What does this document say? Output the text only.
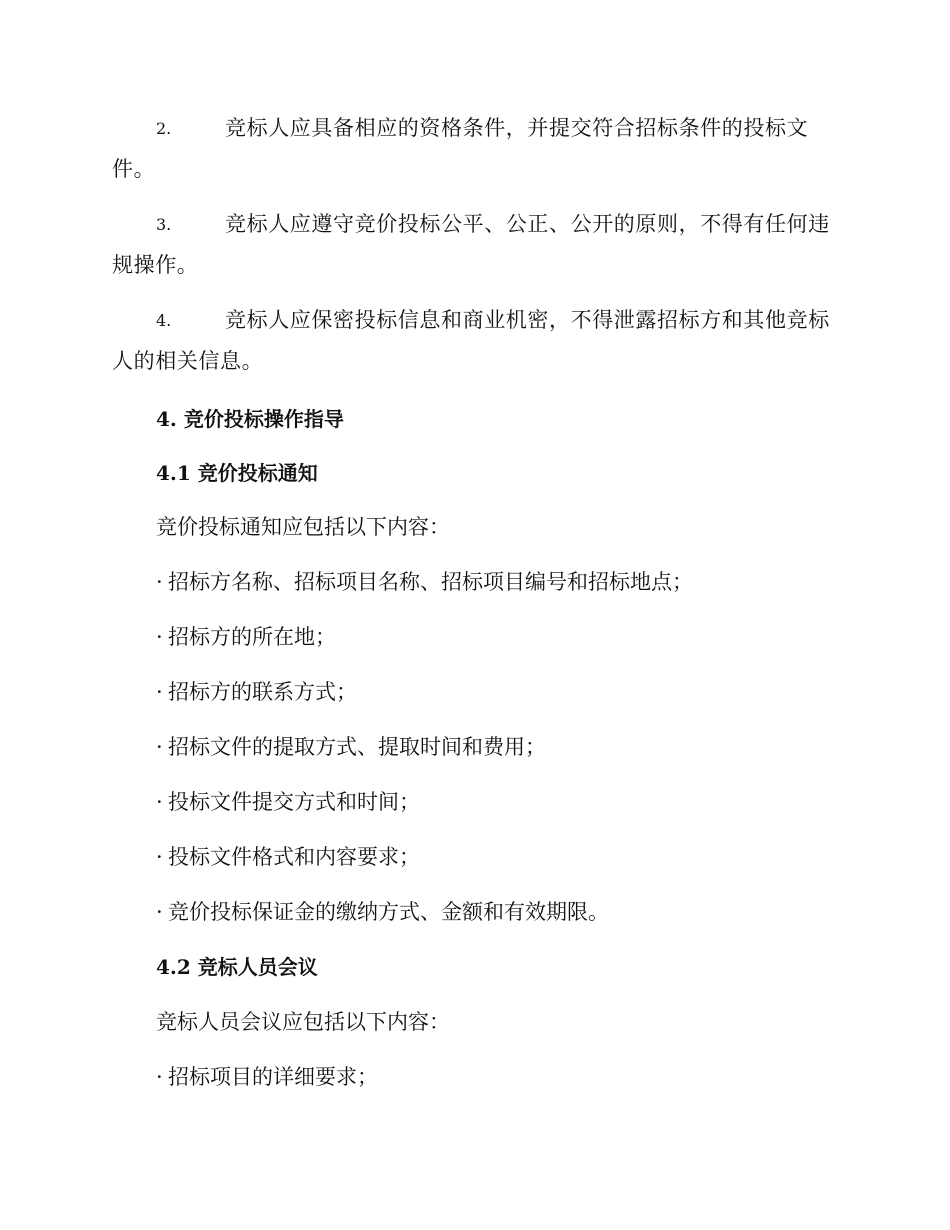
2.	竞标人应具备相应的资格条件，并提交符合招标条件的投标文件。
3.	竞标人应遵守竞价投标公平、公正、公开的原则，不得有任何违规操作。
4.	竞标人应保密投标信息和商业机密，不得泄露招标方和其他竞标人的相关信息。
4. 竞价投标操作指导
4.1 竞价投标通知
竞价投标通知应包括以下内容：
· 招标方名称、招标项目名称、招标项目编号和招标地点；
· 招标方的所在地；
· 招标方的联系方式；
· 招标文件的提取方式、提取时间和费用；
· 投标文件提交方式和时间；
· 投标文件格式和内容要求；
· 竞价投标保证金的缴纳方式、金额和有效期限。
4.2 竞标人员会议
竞标人员会议应包括以下内容：
· 招标项目的详细要求；
